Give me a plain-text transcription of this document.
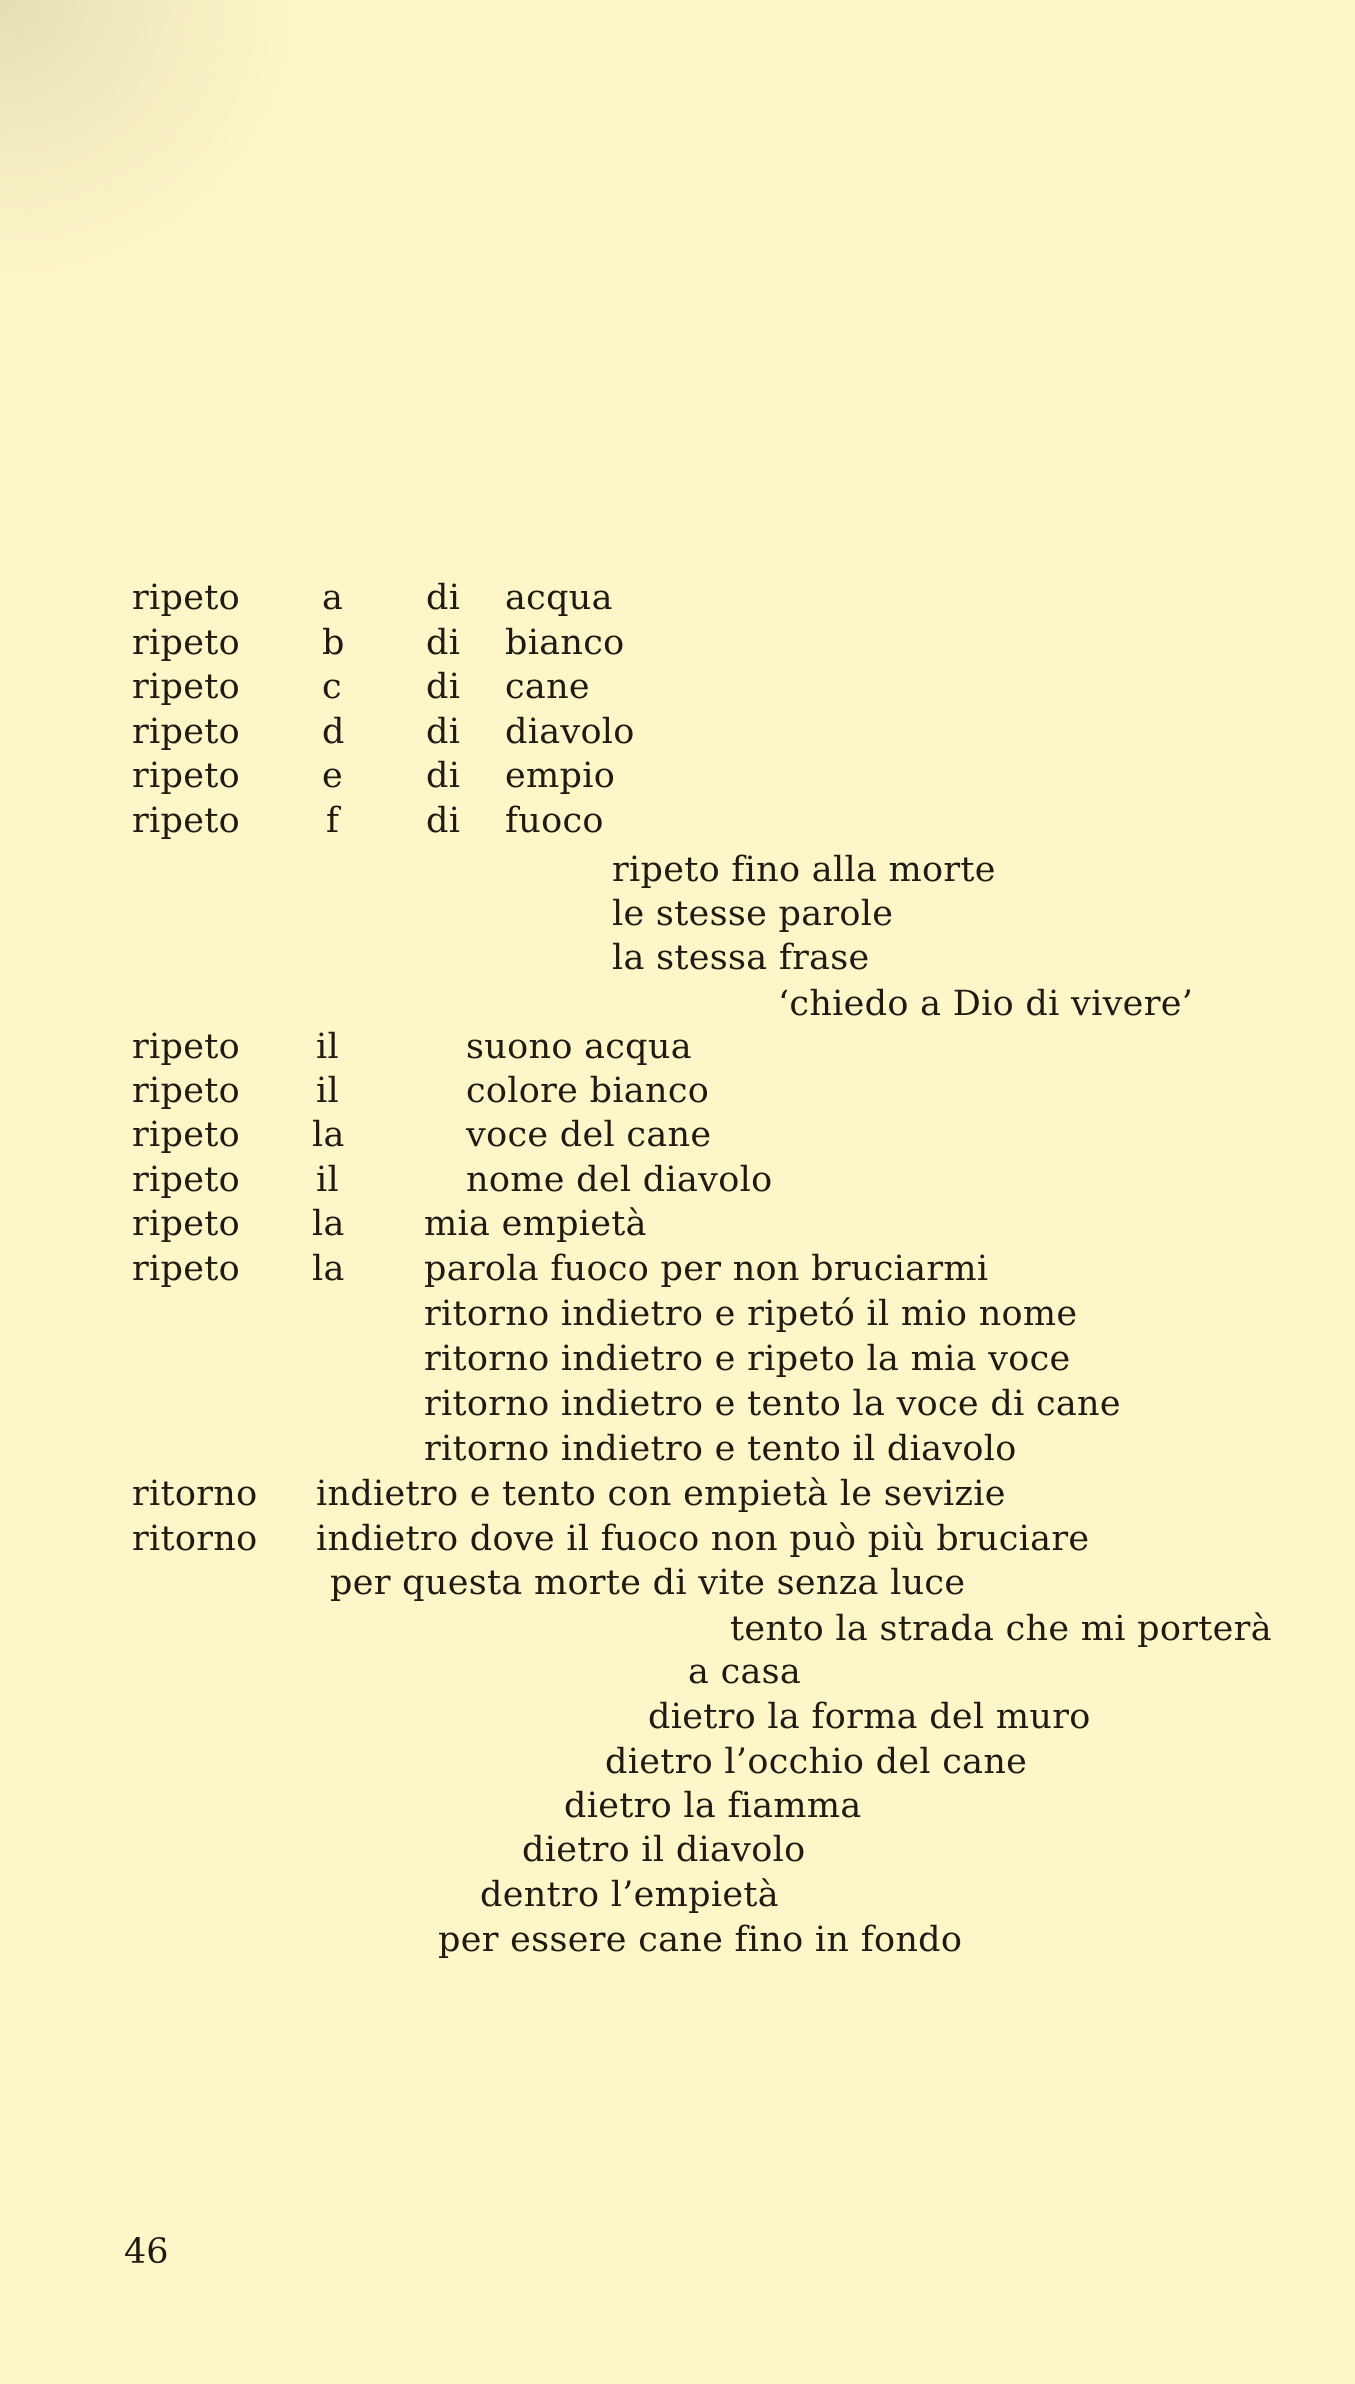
ripeto a di acqua
ripeto b di bianco
ripeto c di cane
ripeto d di diavolo
ripeto e di empio
ripeto f di fuoco
ripeto fino alla morte
le stesse parole
la stessa frase
‘chiedo a Dio di vivere’
ripeto il	suono acqua
ripeto il	colore bianco
ripeto la	voce del cane
ripeto il	nome del diavolo
ripeto la mia empietà
ripeto la parola fuoco per non bruciarmi
ritorno indietro e ripetó il mio nome
ritorno indietro e ripeto la mia voce
ritorno indietro e tento la voce di cane
ritorno indietro e tento il diavolo
ritorno indietro e tento con empietà le sevizie
ritorno indietro dove il fuoco non può più bruciare
per questa morte di vite senza luce
tento la strada che mi porterà
a casa
dietro la forma del muro
dietro l’occhio del cane
dietro la fiamma
dietro il diavolo
dentro l’empietà
per essere cane fino in fondo
46
